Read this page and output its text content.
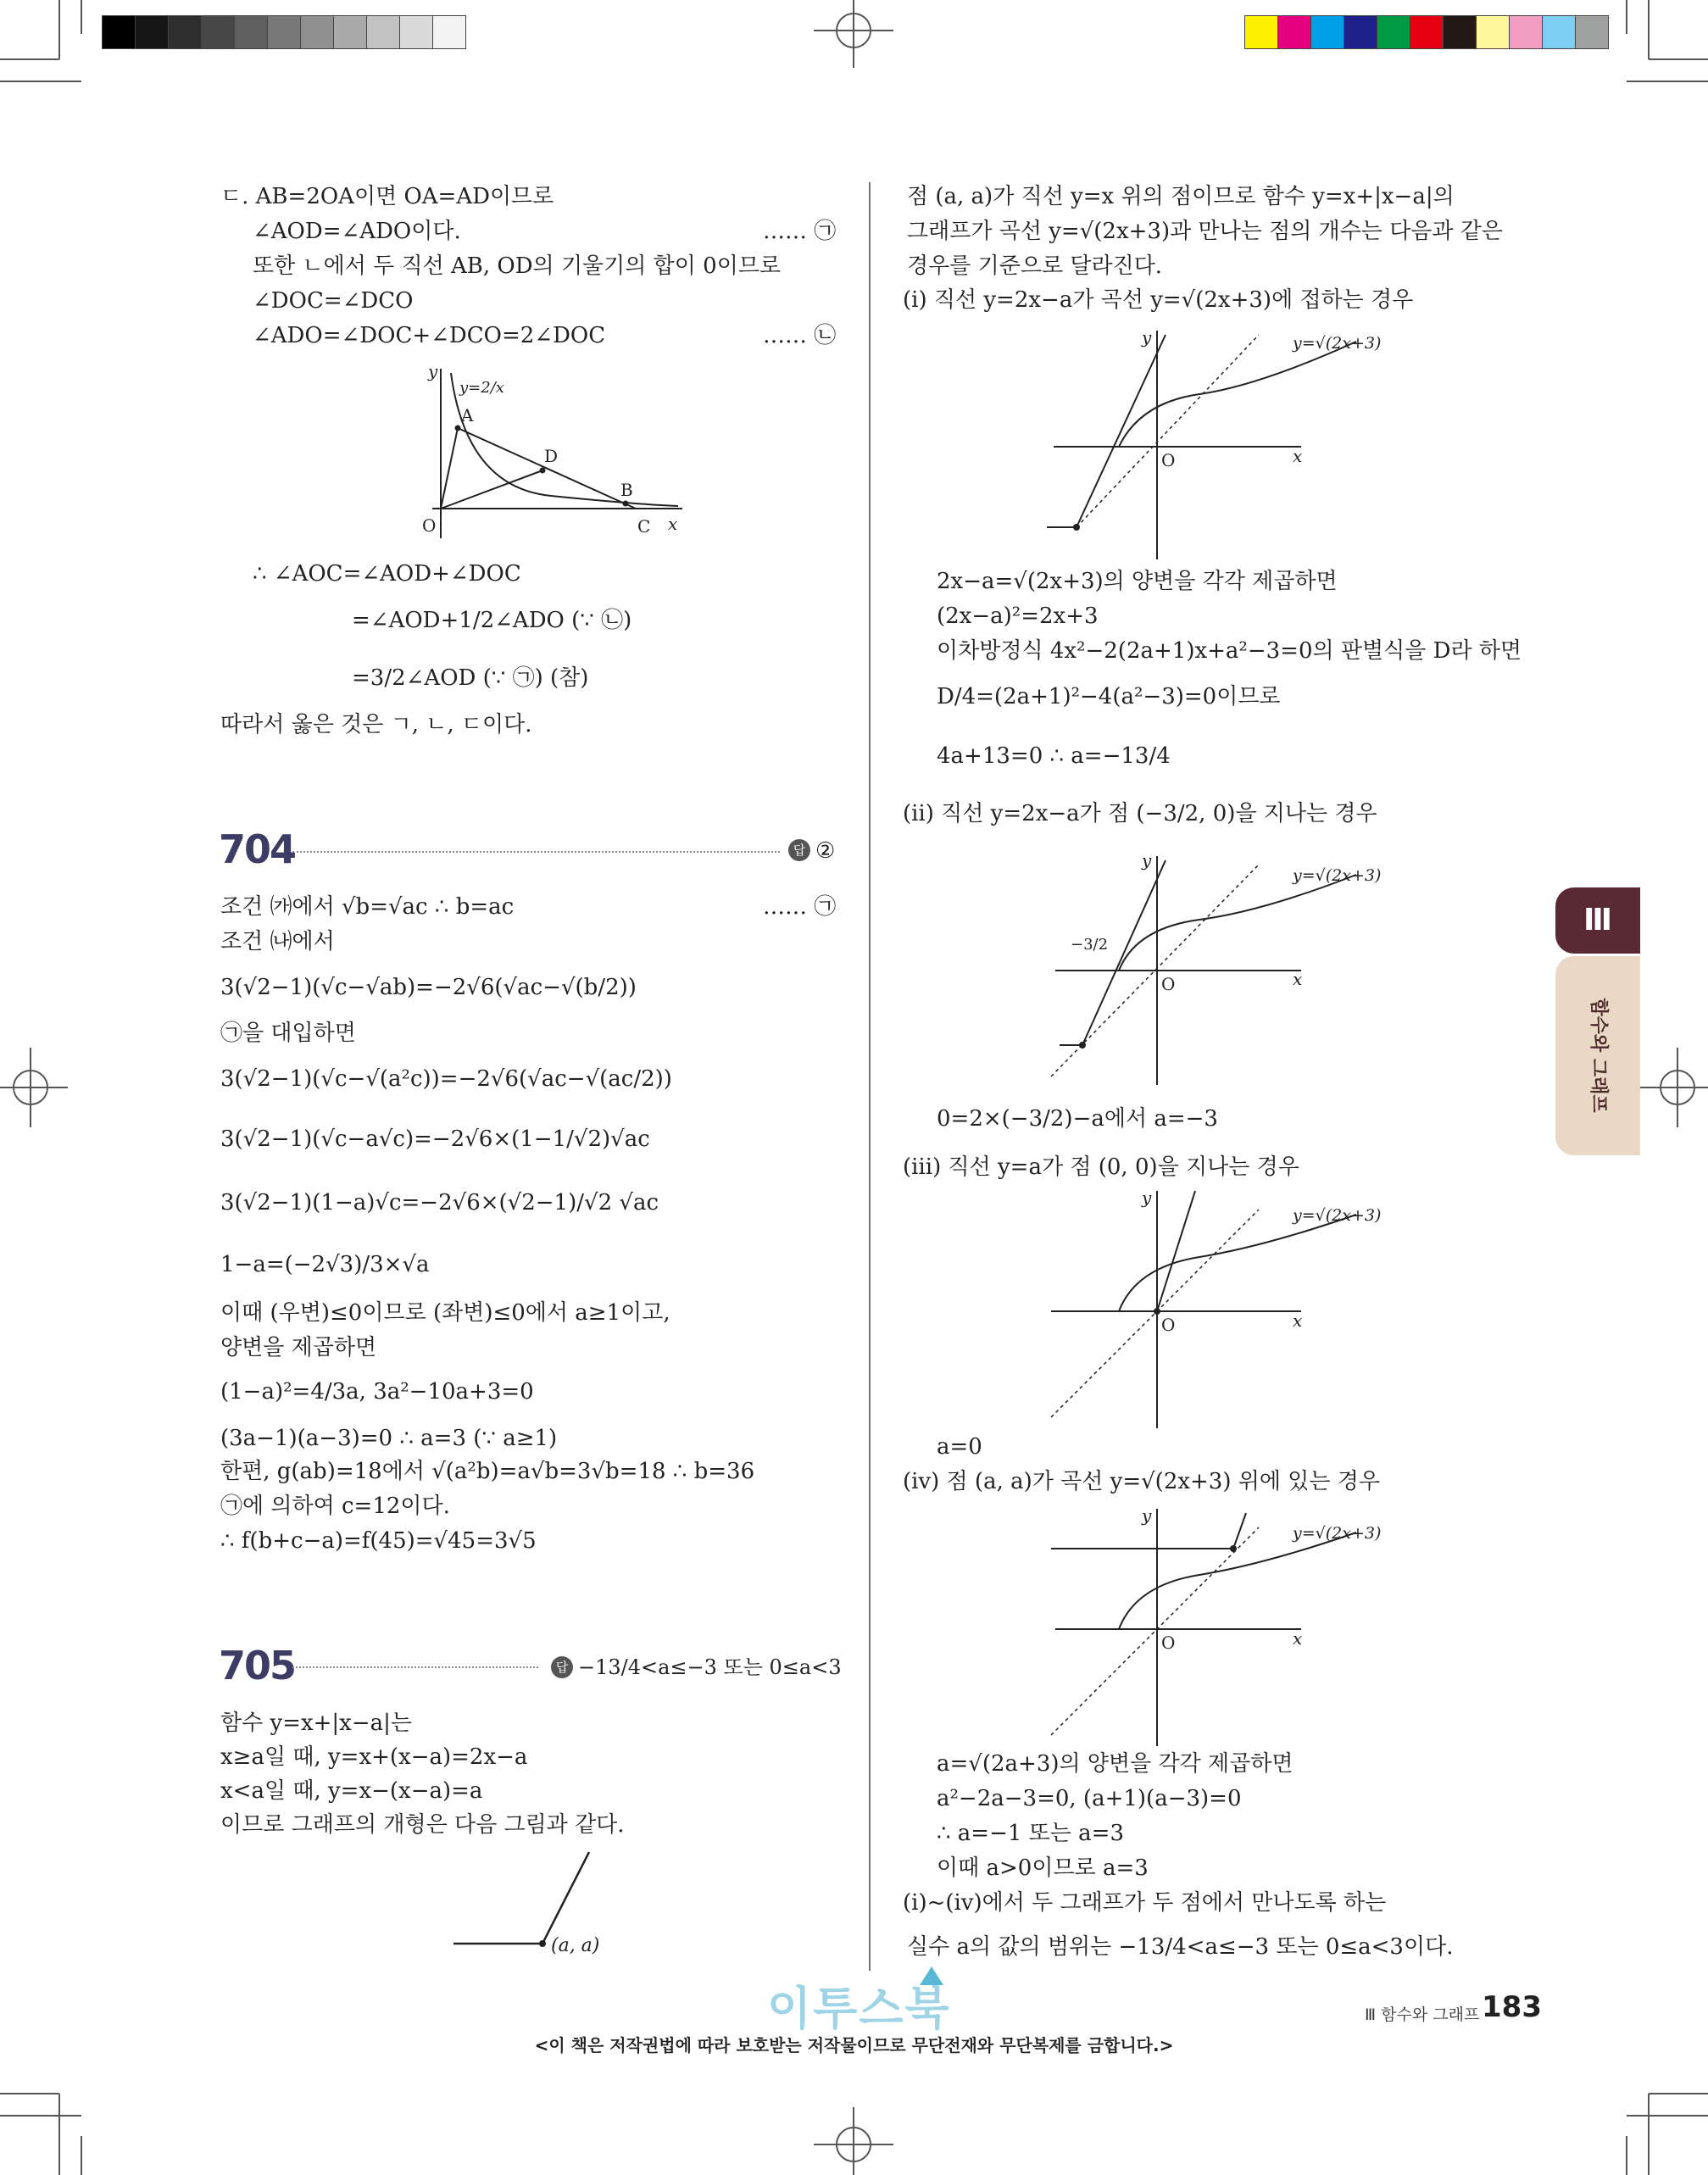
ㄷ. AB=2OA이면 OA=AD이므로
∠AOD=∠ADO이다.	…… ㉠
또한 ㄴ에서 두 직선 AB, OD의 기울기의 합이 0이므로
∠DOC=∠DCO
∠ADO=∠DOC+∠DCO=2∠DOC	…… ㉡
y
x
O
A
D
B
C
y=2/x
∴ ∠AOC=∠AOD+∠DOC
=∠AOD+1/2∠ADO (∵ ㉡)
=3/2∠AOD (∵ ㉠) (참)
따라서 옳은 것은 ㄱ, ㄴ, ㄷ이다.
704	답 ②
조건 ㈎에서 √b=√ac ∴ b=ac	…… ㉠
조건 ㈏에서
3(√2−1)(√c−√ab)=−2√6(√ac−√(b/2))
㉠을 대입하면
3(√2−1)(√c−√(a²c))=−2√6(√ac−√(ac/2))
3(√2−1)(√c−a√c)=−2√6×(1−1/√2)√ac
3(√2−1)(1−a)√c=−2√6×(√2−1)/√2 √ac
1−a=(−2√3)/3×√a
이때 (우변)≤0이므로 (좌변)≤0에서 a≥1이고,
양변을 제곱하면
(1−a)²=4/3a, 3a²−10a+3=0
(3a−1)(a−3)=0 ∴ a=3 (∵ a≥1)
한편, g(ab)=18에서 √(a²b)=a√b=3√b=18 ∴ b=36
㉠에 의하여 c=12이다.
∴ f(b+c−a)=f(45)=√45=3√5
705	답 −13/4<a≤−3 또는 0≤a<3
함수 y=x+|x−a|는
x≥a일 때, y=x+(x−a)=2x−a
x<a일 때, y=x−(x−a)=a
이므로 그래프의 개형은 다음 그림과 같다.
(a, a)
점 (a, a)가 직선 y=x 위의 점이므로 함수 y=x+|x−a|의
그래프가 곡선 y=√(2x+3)과 만나는 점의 개수는 다음과 같은
경우를 기준으로 달라진다.
(ⅰ) 직선 y=2x−a가 곡선 y=√(2x+3)에 접하는 경우
y
x
O
y=√(2x+3)
2x−a=√(2x+3)의 양변을 각각 제곱하면
(2x−a)²=2x+3
이차방정식 4x²−2(2a+1)x+a²−3=0의 판별식을 D라 하면
D/4=(2a+1)²−4(a²−3)=0이므로
4a+13=0 ∴ a=−13/4
(ⅱ) 직선 y=2x−a가 점 (−3/2, 0)을 지나는 경우
y
x
O
−3/2
y=√(2x+3)
0=2×(−3/2)−a에서 a=−3
(ⅲ) 직선 y=a가 점 (0, 0)을 지나는 경우
y
x
O
y=√(2x+3)
a=0
(ⅳ) 점 (a, a)가 곡선 y=√(2x+3) 위에 있는 경우
y
x
O
y=√(2x+3)
a=√(2a+3)의 양변을 각각 제곱하면
a²−2a−3=0, (a+1)(a−3)=0
∴ a=−1 또는 a=3
이때 a>0이므로 a=3
(ⅰ)~(ⅳ)에서 두 그래프가 두 점에서 만나도록 하는
실수 a의 값의 범위는 −13/4<a≤−3 또는 0≤a<3이다.
Ⅲ
함수와 그래프
이투스북	Ⅲ 함수와 그래프 183
<이 책은 저작권법에 따라 보호받는 저작물이므로 무단전재와 무단복제를 금합니다.>
